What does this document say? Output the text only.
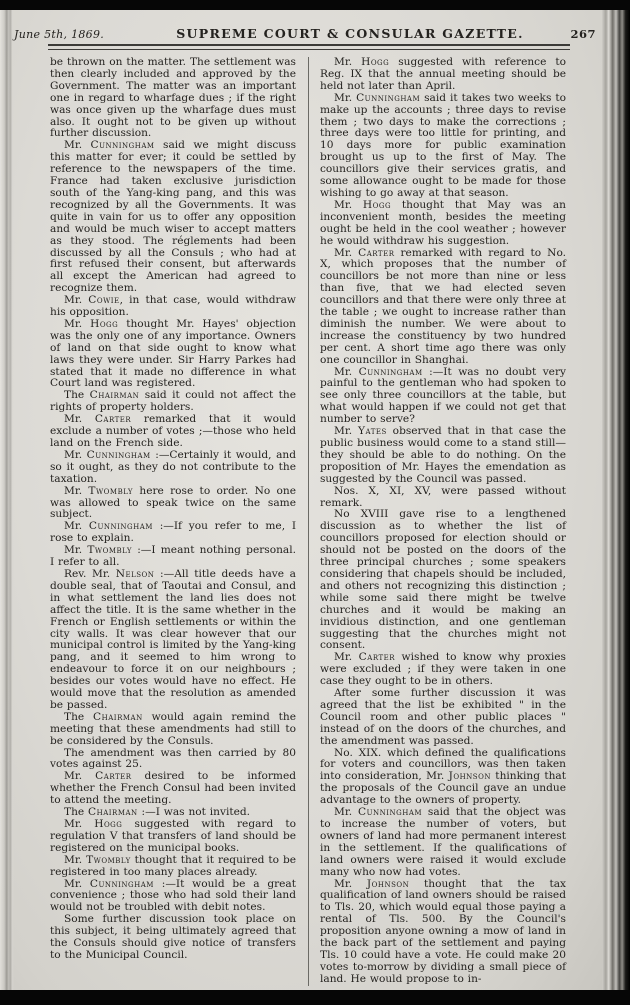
June 5th, 1869.	SUPREME COURT & CONSULAR GAZETTE.	267

be thrown on the matter. The settlement was then clearly included and approved by the Government. The matter was an important one in regard to wharfage dues ; if the right was once given up the wharfage dues must also. It ought not to be given up without further discussion.

Mr. Cunningham said we might discuss this matter for ever; it could be settled by reference to the newspapers of the time. France had taken exclusive jurisdiction south of the Yang-king pang, and this was recognized by all the Governments. It was quite in vain for us to offer any opposition and would be much wiser to accept matters as they stood. The réglements had been discussed by all the Consuls ; who had at first refused their consent, but afterwards all except the American had agreed to recognize them.

Mr. Cowie, in that case, would withdraw his opposition.

Mr. Hogg thought Mr. Hayes' objection was the only one of any importance. Owners of land on that side ought to know what laws they were under. Sir Harry Parkes had stated that it made no difference in what Court land was registered.

The Chairman said it could not affect the rights of property holders.

Mr. Carter remarked that it would exclude a number of votes ;—those who held land on the French side.

Mr. Cunningham :—Certainly it would, and so it ought, as they do not contribute to the taxation.

Mr. Twombly here rose to order. No one was allowed to speak twice on the same subject.

Mr. Cunningham :—If you refer to me, I rose to explain.

Mr. Twombly :—I meant nothing personal. I refer to all.

Rev. Mr. Nelson :—All title deeds have a double seal, that of Taoutai and Consul, and in what settlement the land lies does not affect the title. It is the same whether in the French or English settlements or within the city walls. It was clear however that our municipal control is limited by the Yang-king pang, and it seemed to him wrong to endeavour to force it on our neighbours ; besides our votes would have no effect. He would move that the resolution as amended be passed.

The Chairman would again remind the meeting that these amendments had still to be considered by the Consuls.

The amendment was then carried by 80 votes against 25.

Mr. Carter desired to be informed whether the French Consul had been invited to attend the meeting.

The Chairman :—I was not invited.

Mr. Hogg suggested with regard to regulation V that transfers of land should be registered on the municipal books.

Mr. Twombly thought that it required to be registered in too many places already.

Mr. Cunningham :—It would be a great convenience ; those who had sold their land would not be troubled with debit notes.

Some further discussion took place on this subject, it being ultimately agreed that the Consuls should give notice of transfers to the Municipal Council.

Mr. Hogg suggested with reference to Reg. IX that the annual meeting should be held not later than April.

Mr. Cunningham said it takes two weeks to make up the accounts ; three days to revise them ; two days to make the corrections ; three days were too little for printing, and 10 days more for public examination brought us up to the first of May. The councillors give their services gratis, and some allowance ought to be made for those wishing to go away at that season.

Mr. Hogg thought that May was an inconvenient month, besides the meeting ought be held in the cool weather ; however he would withdraw his suggestion.

Mr. Carter remarked with regard to No. X, which proposes that the number of councillors be not more than nine or less than five, that we had elected seven councillors and that there were only three at the table ; we ought to increase rather than diminish the number. We were about to increase the constituency by two hundred per cent. A short time ago there was only one councillor in Shanghai.

Mr. Cunningham :—It was no doubt very painful to the gentleman who had spoken to see only three councillors at the table, but what would happen if we could not get that number to serve?

Mr. Yates observed that in that case the public business would come to a stand still—they should be able to do nothing. On the proposition of Mr. Hayes the emendation as suggested by the Council was passed.

Nos. X, XI, XV, were passed without remark.

No XVIII gave rise to a lengthened discussion as to whether the list of councillors proposed for election should or should not be posted on the doors of the three principal churches ; some speakers considering that chapels should be included, and others not recognizing this distinction ; while some said there might be twelve churches and it would be making an invidious distinction, and one gentleman suggesting that the churches might not consent.

Mr. Carter wished to know why proxies were excluded ; if they were taken in one case they ought to be in others.

After some further discussion it was agreed that the list be exhibited " in the Council room and other public places " instead of on the doors of the churches, and the amendment was passed.

No. XIX. which defined the qualifications for voters and councillors, was then taken into consideration, Mr. Johnson thinking that the proposals of the Council gave an undue advantage to the owners of property.

Mr. Cunningham said that the object was to increase the number of voters, but owners of land had more permanent interest in the settlement. If the qualifications of land owners were raised it would exclude many who now had votes.

Mr. Johnson thought that the tax qualification of land owners should be raised to Tls. 20, which would equal those paying a rental of Tls. 500. By the Council's proposition anyone owning a mow of land in the back part of the settlement and paying Tls. 10 could have a vote. He could make 20 votes to-morrow by dividing a small piece of land. He would propose to in-
